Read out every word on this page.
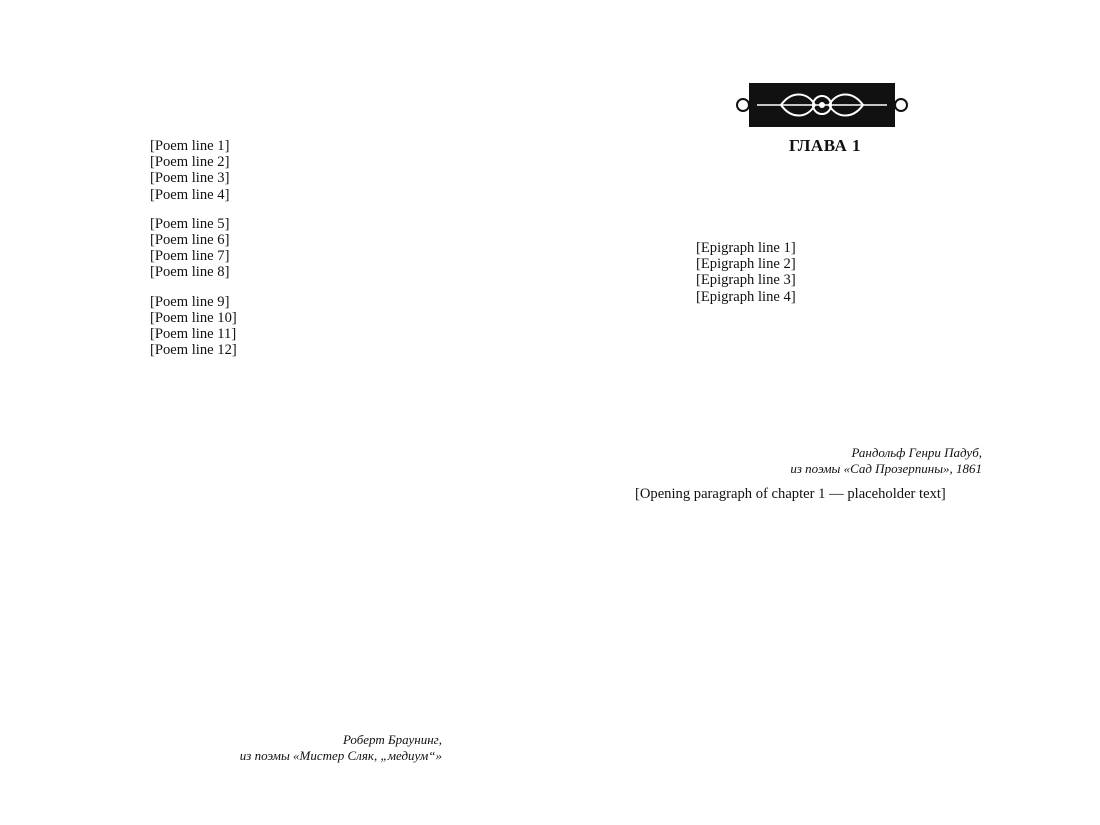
[Poem line 1]
[Poem line 2]
[Poem line 3]
[Poem line 4]
[Poem line 5]
[Poem line 6]
[Poem line 7]
[Poem line 8]
[Poem line 9]
[Poem line 10]
[Poem line 11]
[Poem line 12]
Роберт Браунинг,
из поэмы «Мистер Сляк, „медиум“»
ГЛАВА 1
[Epigraph line 1]
[Epigraph line 2]
[Epigraph line 3]
[Epigraph line 4]
Рандольф Генри Падуб,
из поэмы «Сад Прозерпины», 1861
[Opening paragraph of chapter 1 — placeholder text]
